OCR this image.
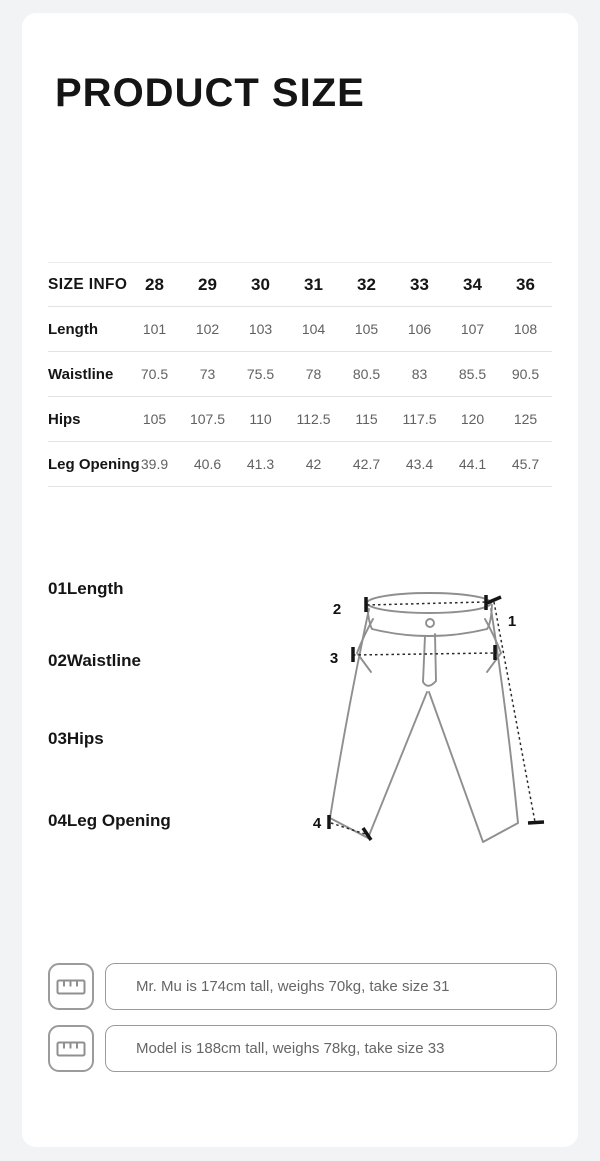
PRODUCT SIZE
SIZE INFO	28	29	30	31	32	33	34	36
Length	101	102	103	104	105	106	107	108
Waistline	70.5	73	75.5	78	80.5	83	85.5	90.5
Hips	105	107.5	110	112.5	115	117.5	120	125
Leg Opening 39.9	40.6	41.3	42	42.7	43.4	44.1	45.7
01Length
02Waistline
03Hips
04Leg Opening
2
1
3
4
Mr. Mu is 174cm tall, weighs 70kg, take size 31
Model is 188cm tall, weighs 78kg, take size 33
